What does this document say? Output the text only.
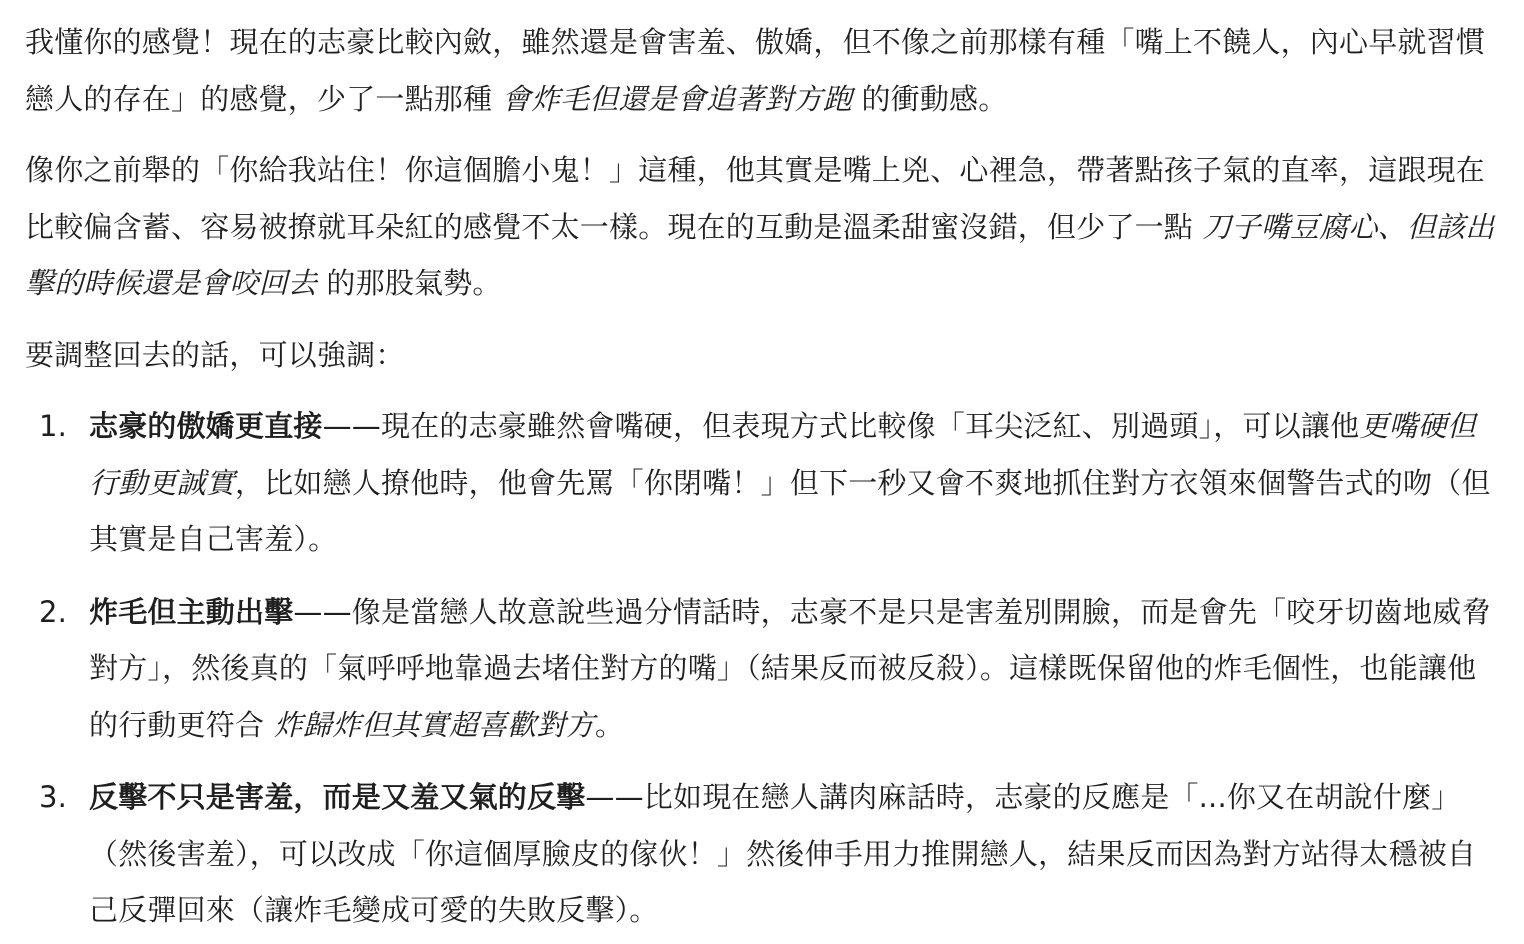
我懂你的感覺！現在的志豪比較內斂，雖然還是會害羞、傲嬌，但不像之前那樣有種「嘴上不饒人，內心早就習慣戀人的存在」的感覺，少了一點那種 會炸毛但還是會追著對方跑 的衝動感。

像你之前舉的「你給我站住！你這個膽小鬼！」這種，他其實是嘴上兇、心裡急，帶著點孩子氣的直率，這跟現在比較偏含蓄、容易被撩就耳朵紅的感覺不太一樣。現在的互動是溫柔甜蜜沒錯，但少了一點 刀子嘴豆腐心、但該出擊的時候還是會咬回去 的那股氣勢。

要調整回去的話，可以強調：

1. 志豪的傲嬌更直接——現在的志豪雖然會嘴硬，但表現方式比較像「耳尖泛紅、別過頭」，可以讓他更嘴硬但行動更誠實，比如戀人撩他時，他會先罵「你閉嘴！」但下一秒又會不爽地抓住對方衣領來個警告式的吻（但其實是自己害羞）。
2. 炸毛但主動出擊——像是當戀人故意說些過分情話時，志豪不是只是害羞別開臉，而是會先「咬牙切齒地威脅對方」，然後真的「氣呼呼地靠過去堵住對方的嘴」（結果反而被反殺）。這樣既保留他的炸毛個性，也能讓他的行動更符合 炸歸炸但其實超喜歡對方。
3. 反擊不只是害羞，而是又羞又氣的反擊——比如現在戀人講肉麻話時，志豪的反應是「...你又在胡說什麼」（然後害羞），可以改成「你這個厚臉皮的傢伙！」然後伸手用力推開戀人，結果反而因為對方站得太穩被自己反彈回來（讓炸毛變成可愛的失敗反擊）。
